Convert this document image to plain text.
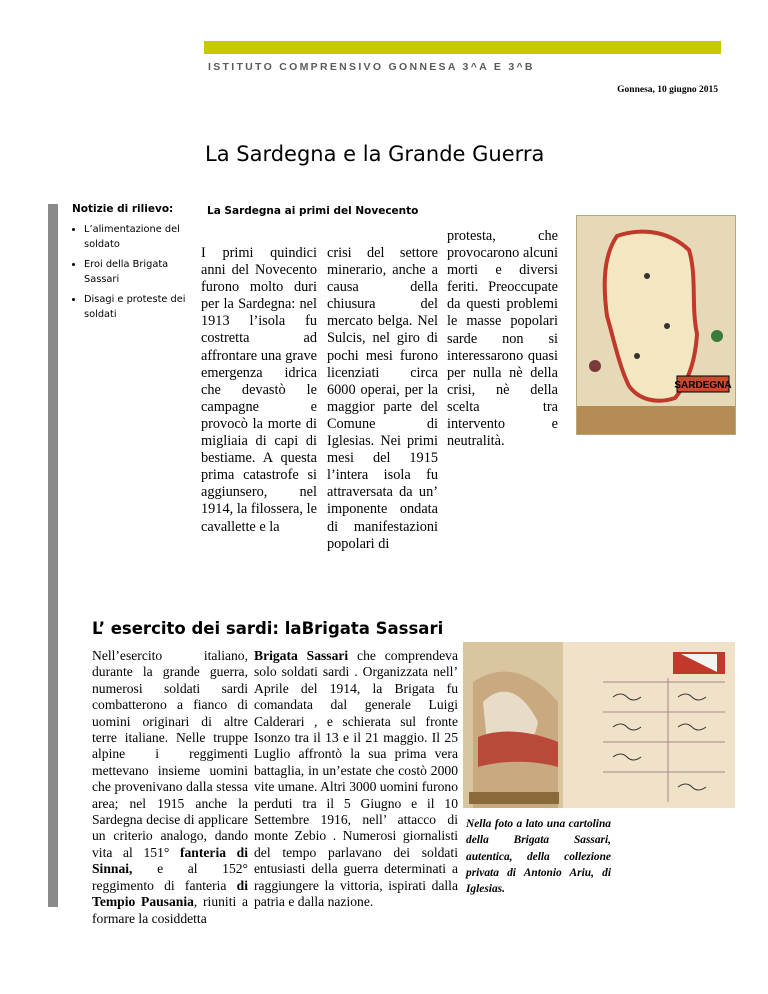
ISTITUTO COMPRENSIVO GONNESA 3^A E 3^B
Gonnesa, 10 giugno 2015
La Sardegna e la Grande Guerra
Notizie di rilievo:
• L’alimentazione del soldato
• Eroi della Brigata Sassari
• Disagi e proteste dei soldati
La Sardegna ai primi del Novecento
I primi quindici anni del Novecento furono molto duri per la Sardegna: nel 1913 l’isola fu costretta ad affrontare una grave emergenza idrica che devastò le campagne e provocò la morte di migliaia di capi di bestiame. A questa prima catastrofe si aggiunsero, nel 1914, la filossera, le cavallette e la
crisi del settore minerario, anche a causa della chiusura del mercato belga. Nel Sulcis, nel giro di pochi mesi furono licenziati circa 6000 operai, per la maggior parte del Comune di Iglesias. Nei primi mesi del 1915 l’intera isola fu attraversata da un’ imponente ondata di manifestazioni popolari di
protesta, che provocarono alcuni morti e diversi feriti. Preoccupate da questi problemi le masse popolari sarde non si interessarono quasi per nulla nè della crisi, nè della scelta tra intervento e neutralità.
SARDEGNA
L’ esercito dei sardi: laBrigata Sassari
Nell’esercito italiano, durante la grande guerra, numerosi soldati sardi combatterono a fianco di uomini originari di altre terre italiane. Nelle truppe alpine i reggimenti mettevano insieme uomini che provenivano dalla stessa area; nel 1915 anche la Sardegna decise di applicare un criterio analogo, dando vita al 151° fanteria di Sinnai, e al 152° reggimento di fanteria di Tempio Pausania, riuniti a formare la cosiddetta
Brigata Sassari che comprendeva solo soldati sardi . Organizzata nell’ Aprile del 1914, la Brigata fu comandata dal generale Luigi Calderari , e schierata sul fronte Isonzo tra il 13 e il 21 maggio. Il 25 Luglio affrontò la sua prima vera battaglia, in un’estate che costò 2000 vite umane. Altri 3000 uomini furono perduti tra il 5 Giugno e il 10 Settembre 1916, nell’ attacco di monte Zebio . Numerosi giornalisti del tempo parlavano dei soldati entusiasti della guerra determinati a raggiungere la vittoria, ispirati dalla patria e dalla nazione.
Nella foto a lato una cartolina della Brigata Sassari, autentica, della collezione privata di Antonio Ariu, di Iglesias.
